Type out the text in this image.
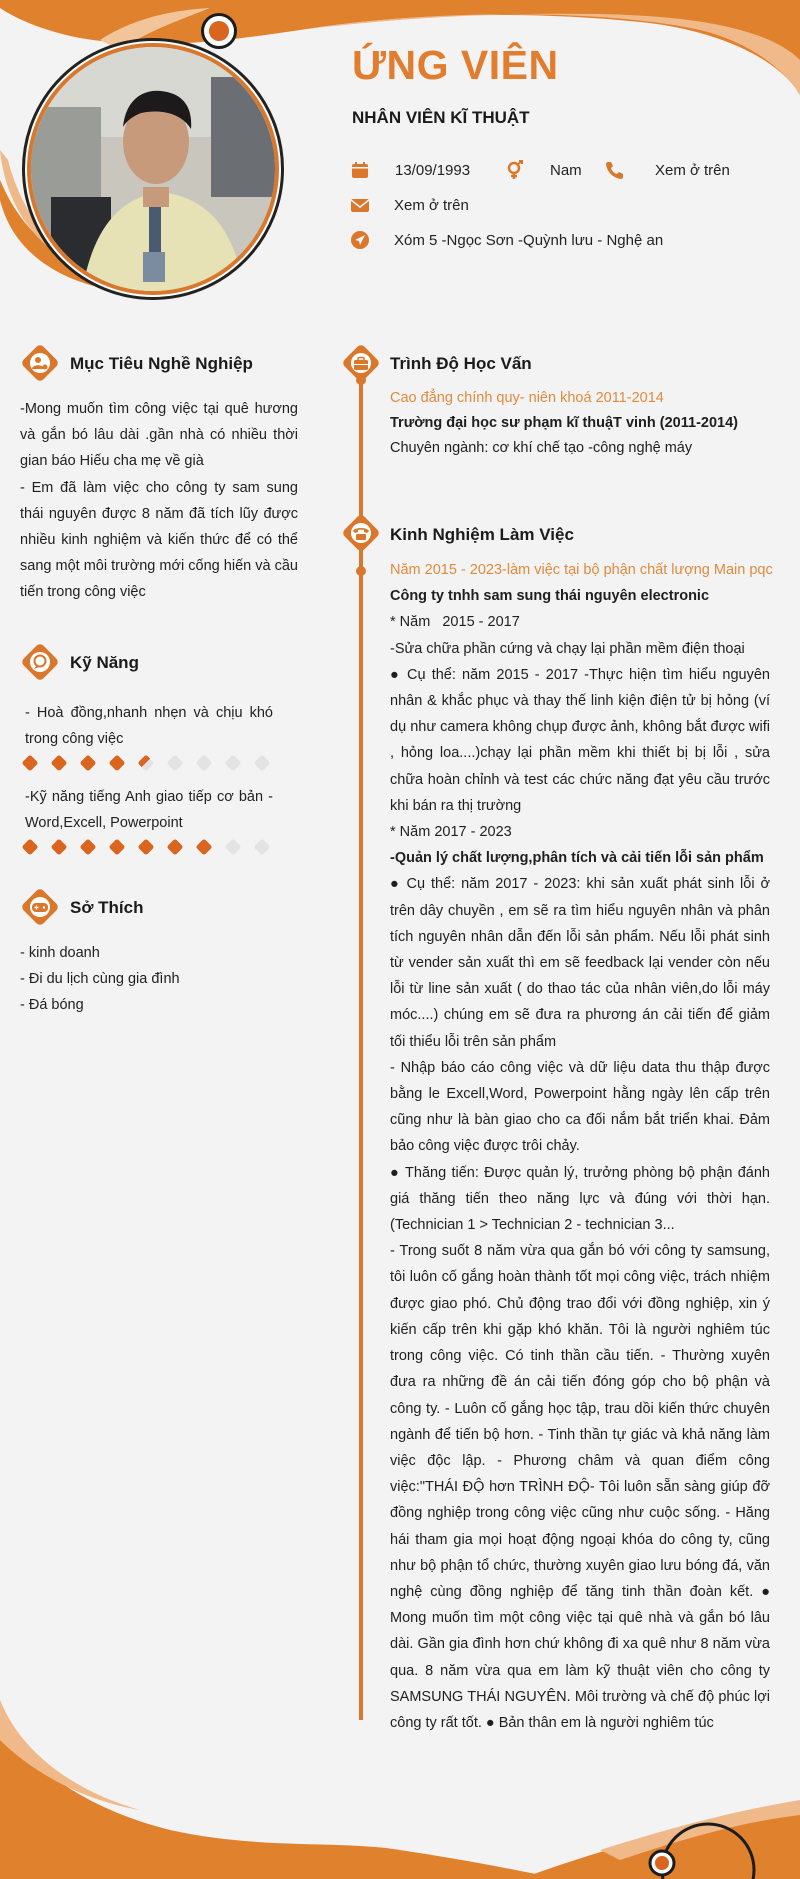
ỨNG VIÊN
NHÂN VIÊN KĨ THUẬT
13/09/1993	Nam	Xem ở trên
Xem ở trên
Xóm 5 -Ngọc Sơn -Quỳnh lưu - Nghệ an
Mục Tiêu Nghề Nghiệp

-Mong muốn tìm công việc tại quê hương và gắn bó lâu dài .gần nhà có nhiều thời gian báo Hiếu cha mẹ về già

- Em đã làm việc cho công ty sam sung thái nguyên được 8 năm đã tích lũy được nhiều kinh nghiệm và kiến thức để có thể sang một môi trường mới cống hiến và cầu tiến trong công việc

Kỹ Năng
- Hoà đồng,nhanh nhẹn và chịu khó trong công việc
-Kỹ năng tiếng Anh giao tiếp cơ bản - Word,Excell, Powerpoint
Sở Thích
- kinh doanh
- Đi du lịch cùng gia đình
- Đá bóng
Trình Độ Học Vấn
Cao đẳng chính quy- niên khoá 2011-2014
Trường đại học sư phạm kĩ thuậT vinh (2011-2014)
Chuyên ngành: cơ khí chế tạo -công nghệ máy
Kinh Nghiệm Làm Việc

Năm 2015 - 2023-làm việc tại bộ phận chất lượng Main pqc

Công ty tnhh sam sung thái nguyên electronic

* Năm   2015 - 2017

-Sửa chữa phần cứng và chạy lại phần mềm điện thoại

● Cụ thể: năm 2015 - 2017 -Thực hiện tìm hiểu nguyên nhân & khắc phục và thay thế linh kiện điện tử bị hỏng (ví dụ như camera không chụp được ảnh, không bắt được wifi , hỏng loa....)chạy lại phần mềm khi thiết bị bị lỗi , sửa chữa hoàn chỉnh và test các chức năng đạt yêu cầu trước khi bán ra thị trường

* Năm 2017 - 2023

-Quản lý chất lượng,phân tích và cải tiến lỗi sản phẩm

● Cụ thể: năm 2017 - 2023: khi sản xuất phát sinh lỗi ở trên dây chuyền , em sẽ ra tìm hiểu nguyên nhân và phân tích nguyên nhân dẫn đến lỗi sản phẩm. Nếu lỗi phát sinh từ vender sản xuất thì em sẽ feedback lại vender còn nếu lỗi từ line sản xuất ( do thao tác của nhân viên,do lỗi máy móc....) chúng em sẽ đưa ra phương án cải tiến để giảm tối thiểu lỗi trên sản phẩm

- Nhập báo cáo công việc và dữ liệu data thu thập được bằng le Excell,Word, Powerpoint hằng ngày lên cấp trên cũng như là bàn giao cho ca đối nắm bắt triển khai. Đảm bảo công việc được trôi chảy.

● Thăng tiến: Được quản lý, trưởng phòng bộ phận đánh giá thăng tiến theo năng lực và đúng với thời hạn. (Technician 1 > Technician 2 - technician 3...

- Trong suốt 8 năm vừa qua gắn bó với công ty samsung, tôi luôn cố gắng hoàn thành tốt mọi công việc, trách nhiệm được giao phó. Chủ động trao đổi với đồng nghiệp, xin ý kiến cấp trên khi gặp khó khăn. Tôi là người nghiêm túc trong công việc. Có tinh thần cầu tiến. - Thường xuyên đưa ra những đề án cải tiến đóng góp cho bộ phận và công ty. - Luôn cố gắng học tập, trau dồi kiến thức chuyên ngành để tiến bộ hơn. - Tinh thần tự giác và khả năng làm việc độc lập. - Phương châm và quan điểm công việc:"THÁI ĐỘ hơn TRÌNH ĐỘ- Tôi luôn sẵn sàng giúp đỡ đồng nghiệp trong công việc cũng như cuộc sống. - Hăng hái tham gia mọi hoạt động ngoại khóa do công ty, cũng như bộ phận tổ chức, thường xuyên giao lưu bóng đá, văn nghệ cùng đồng nghiệp để tăng tinh thần đoàn kết. ● Mong muốn tìm một công việc tại quê nhà và gắn bó lâu dài. Gần gia đình hơn chứ không đi xa quê như 8 năm vừa qua. 8 năm vừa qua em làm kỹ thuật viên cho công ty SAMSUNG THÁI NGUYÊN. Môi trường và chế độ phúc lợi công ty rất tốt. ● Bản thân em là người nghiêm túc
